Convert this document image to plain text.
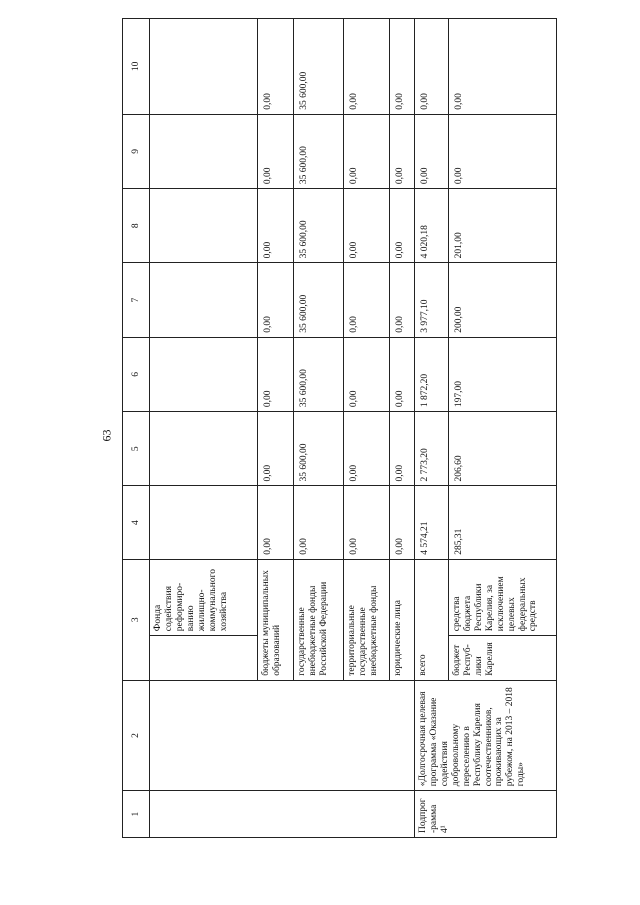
63
1	2	3		4	5	6	7	8	9	10
			Фонда содействия реформиро-ванию жилищно-коммунального хозяйства							
		бюджеты муниципальных образований		0,00	0,00	0,00	0,00	0,00	0,00	0,00
		государственные внебюджетные фонды Российской Федерации		0,00	35 600,00	35 600,00	35 600,00	35 600,00	35 600,00	35 600,00
		территориальные государственные внебюджетные фонды		0,00	0,00	0,00	0,00	0,00	0,00	0,00
		юридические лица		0,00	0,00	0,00	0,00	0,00	0,00	0,00
Подпрог-рамма 4¹	«Долгосрочная целевая программа «Оказание содействия добровольному переселению в Республику Карелия соотечественников, проживающих за рубежом, на 2013 – 2018 годы»	всего		4 574,21	2 773,20	1 872,20	3 977,10	4 020,18	0,00	0,00
		бюджет Респуб-лики Карелия	средства бюджета Республики Карелия, за исключением целевых федеральных средств	285,31	206,60	197,00	200,00	201,00	0,00	0,00
